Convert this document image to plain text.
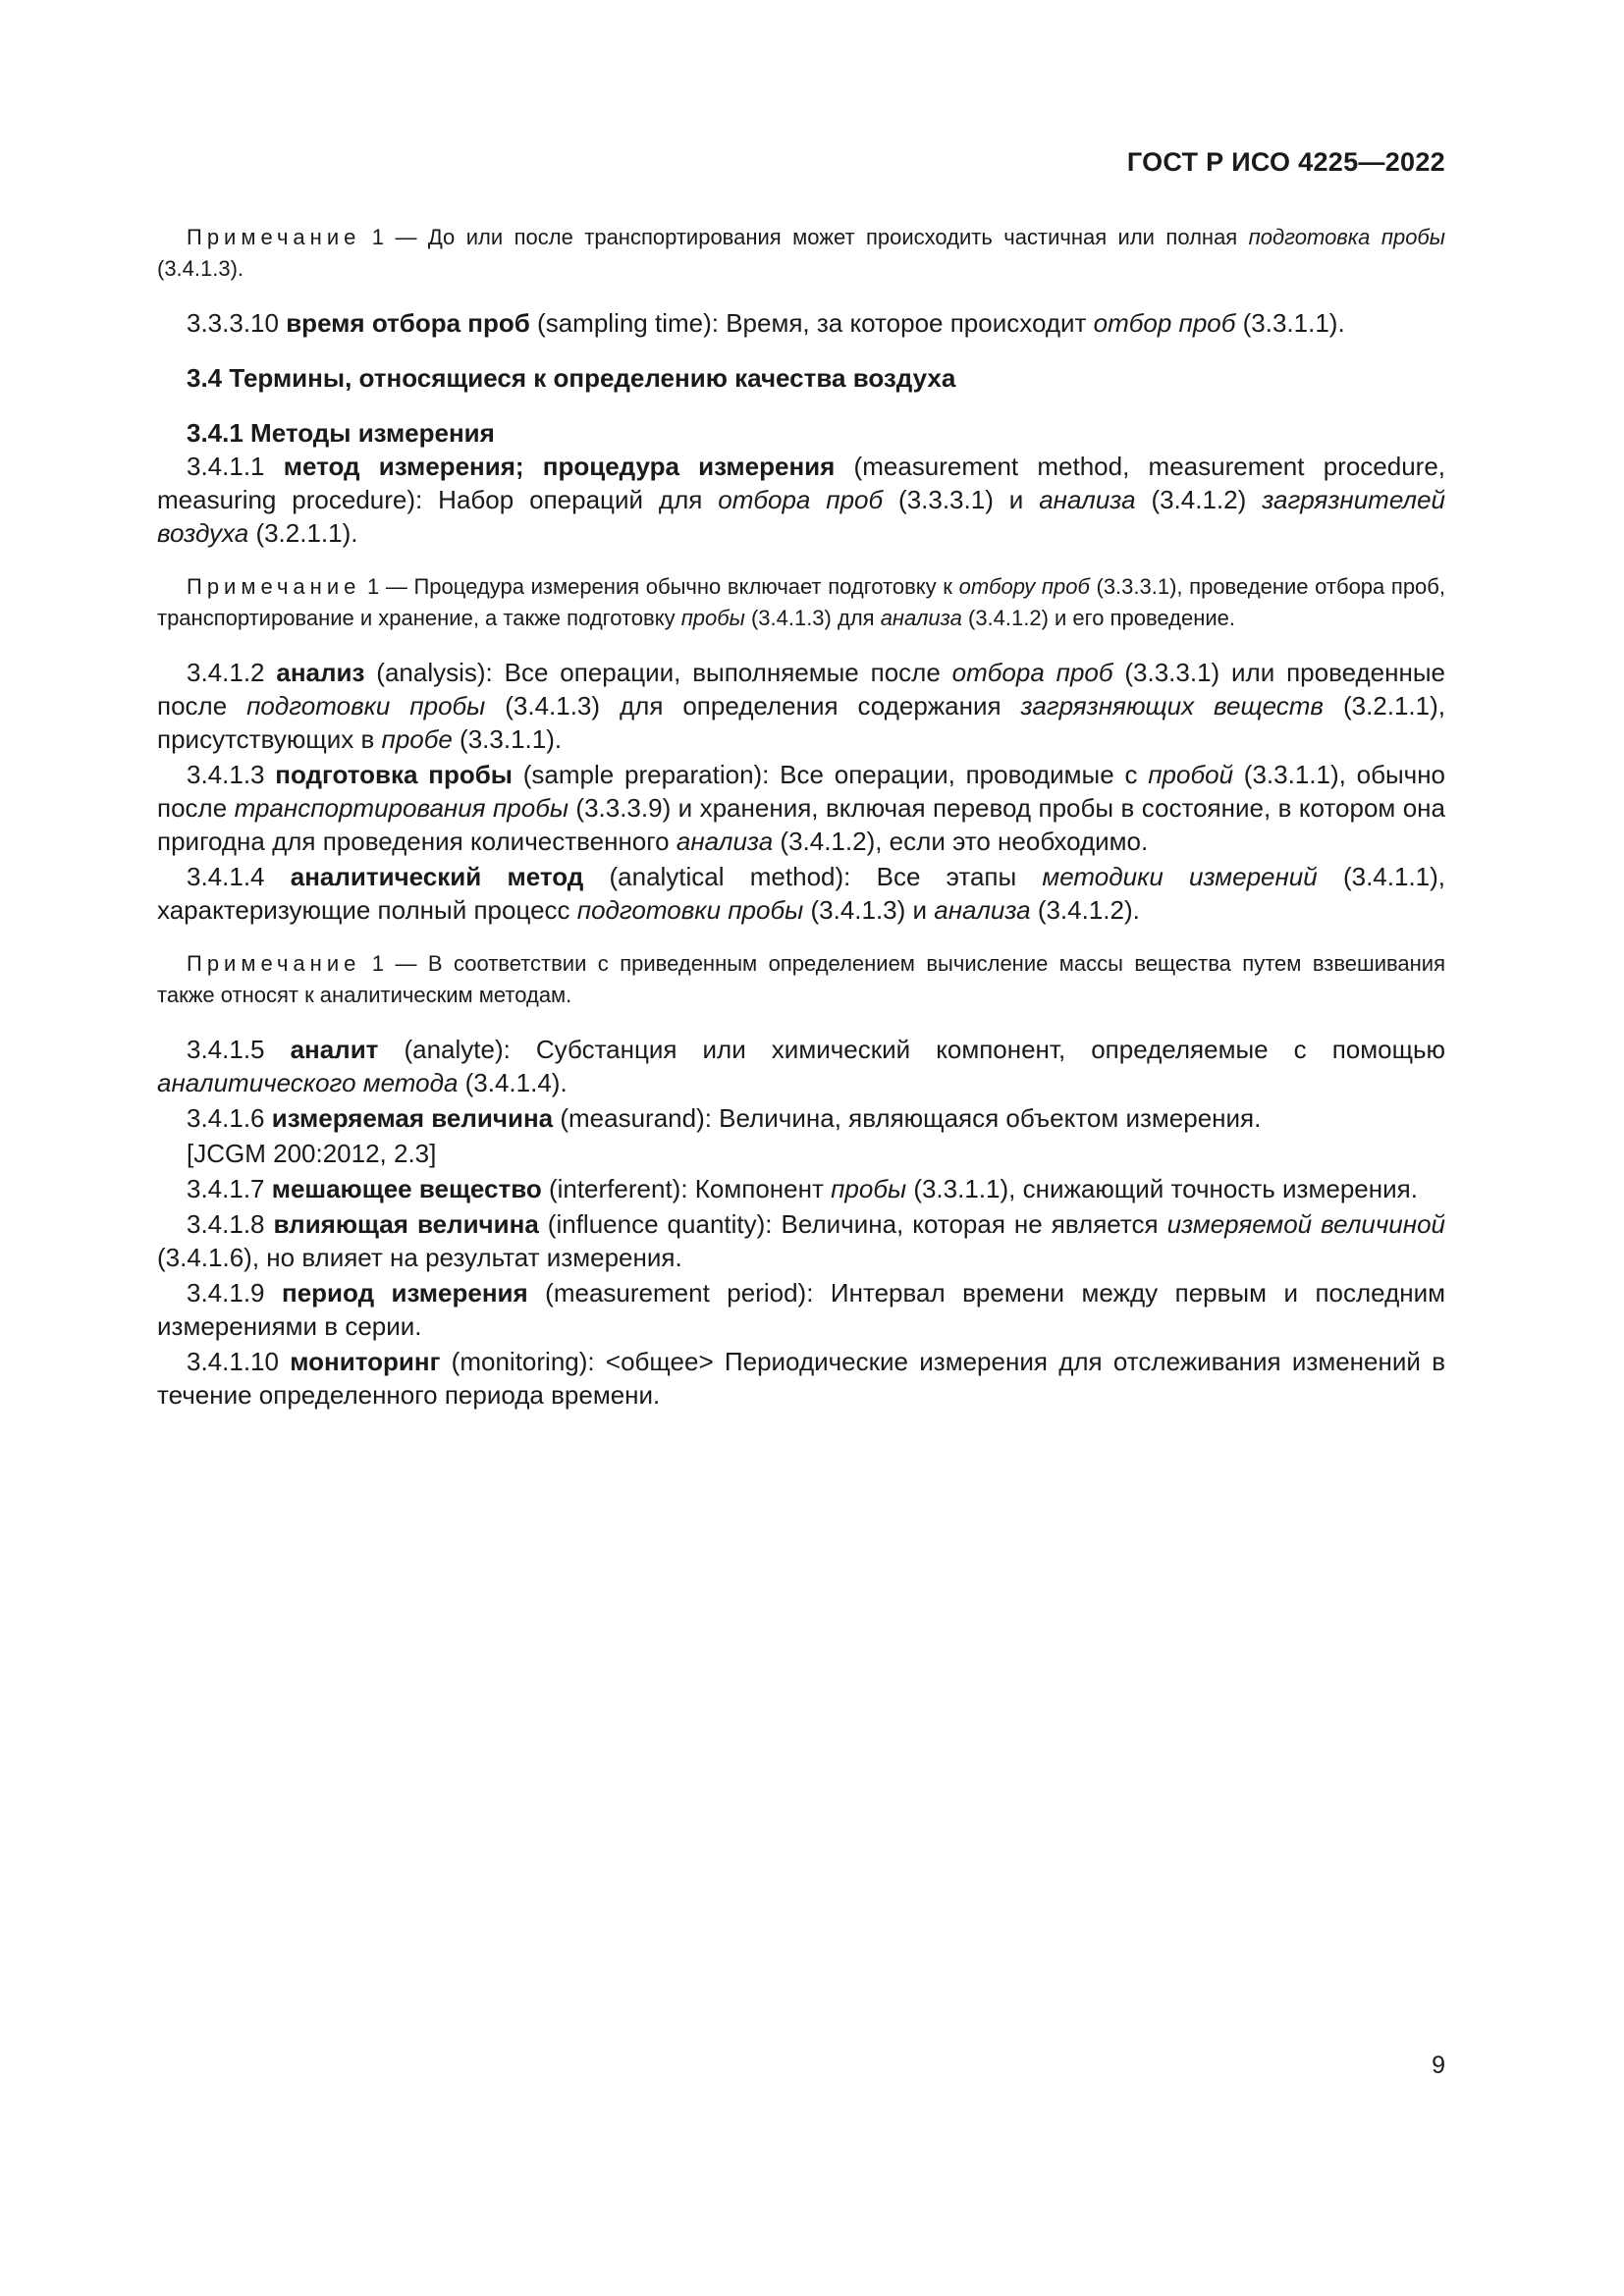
ГОСТ Р ИСО 4225—2022

Примечание 1 — До или после транспортирования может происходить частичная или полная подготовка пробы (3.4.1.3).

3.3.3.10 время отбора проб (sampling time): Время, за которое происходит отбор проб (3.3.1.1).

3.4 Термины, относящиеся к определению качества воздуха

3.4.1 Методы измерения

3.4.1.1 метод измерения; процедура измерения (measurement method, measurement procedure, measuring procedure): Набор операций для отбора проб (3.3.3.1) и анализа (3.4.1.2) загрязнителей воздуха (3.2.1.1).

Примечание 1 — Процедура измерения обычно включает подготовку к отбору проб (3.3.3.1), проведение отбора проб, транспортирование и хранение, а также подготовку пробы (3.4.1.3) для анализа (3.4.1.2) и его проведение.

3.4.1.2 анализ (analysis): Все операции, выполняемые после отбора проб (3.3.3.1) или проведенные после подготовки пробы (3.4.1.3) для определения содержания загрязняющих веществ (3.2.1.1), присутствующих в пробе (3.3.1.1).

3.4.1.3 подготовка пробы (sample preparation): Все операции, проводимые с пробой (3.3.1.1), обычно после транспортирования пробы (3.3.3.9) и хранения, включая перевод пробы в состояние, в котором она пригодна для проведения количественного анализа (3.4.1.2), если это необходимо.

3.4.1.4 аналитический метод (analytical method): Все этапы методики измерений (3.4.1.1), характеризующие полный процесс подготовки пробы (3.4.1.3) и анализа (3.4.1.2).

Примечание 1 — В соответствии с приведенным определением вычисление массы вещества путем взвешивания также относят к аналитическим методам.

3.4.1.5 аналит (analyte): Субстанция или химический компонент, определяемые с помощью аналитического метода (3.4.1.4).

3.4.1.6 измеряемая величина (measurand): Величина, являющаяся объектом измерения.

[JCGM 200:2012, 2.3]

3.4.1.7 мешающее вещество (interferent): Компонент пробы (3.3.1.1), снижающий точность измерения.

3.4.1.8 влияющая величина (influence quantity): Величина, которая не является измеряемой величиной (3.4.1.6), но влияет на результат измерения.

3.4.1.9 период измерения (measurement period): Интервал времени между первым и последним измерениями в серии.

3.4.1.10 мониторинг (monitoring): <общее> Периодические измерения для отслеживания изменений в течение определенного периода времени.

9
